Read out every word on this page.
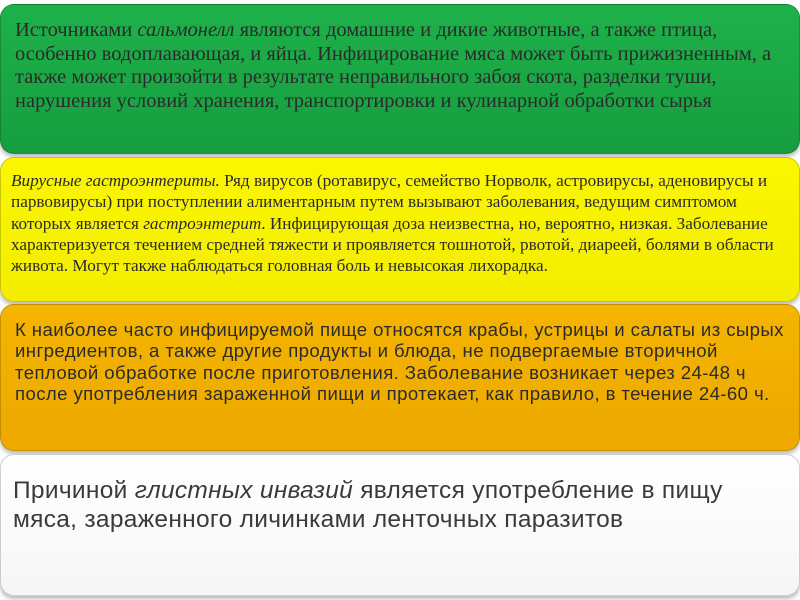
Источниками сальмонелл являются домашние и дикие животные, а также птица, особенно водоплавающая, и яйца. Инфицирование мяса может быть прижизненным, а также может произойти в результате неправильного забоя скота, разделки туши, нарушения условий хранения, транспортировки и кулинарной обработки сырья

Вирусные гастроэнтериты. Ряд вирусов (ротавирус, семейство Норволк, астровирусы, аденовирусы и парвовирусы) при поступлении алиментарным путем вызывают заболевания, ведущим симптомом которых является гастроэнтерит. Инфицирующая доза неизвестна, но, вероятно, низкая. Заболевание характеризуется течением средней тяжести и проявляется тошнотой, рвотой, диареей, болями в области живота. Могут также наблюдаться головная боль и невысокая лихорадка.

К наиболее часто инфицируемой пище относятся крабы, устрицы и салаты из сырых ингредиентов, а также другие продукты и блюда, не подвергаемые вторичной тепловой обработке после приготовления. Заболевание возникает через 24-48 ч после употребления зараженной пищи и протекает, как правило, в течение 24-60 ч.

Причиной глистных инвазий является употребление в пищу мяса, зараженного личинками ленточных паразитов
